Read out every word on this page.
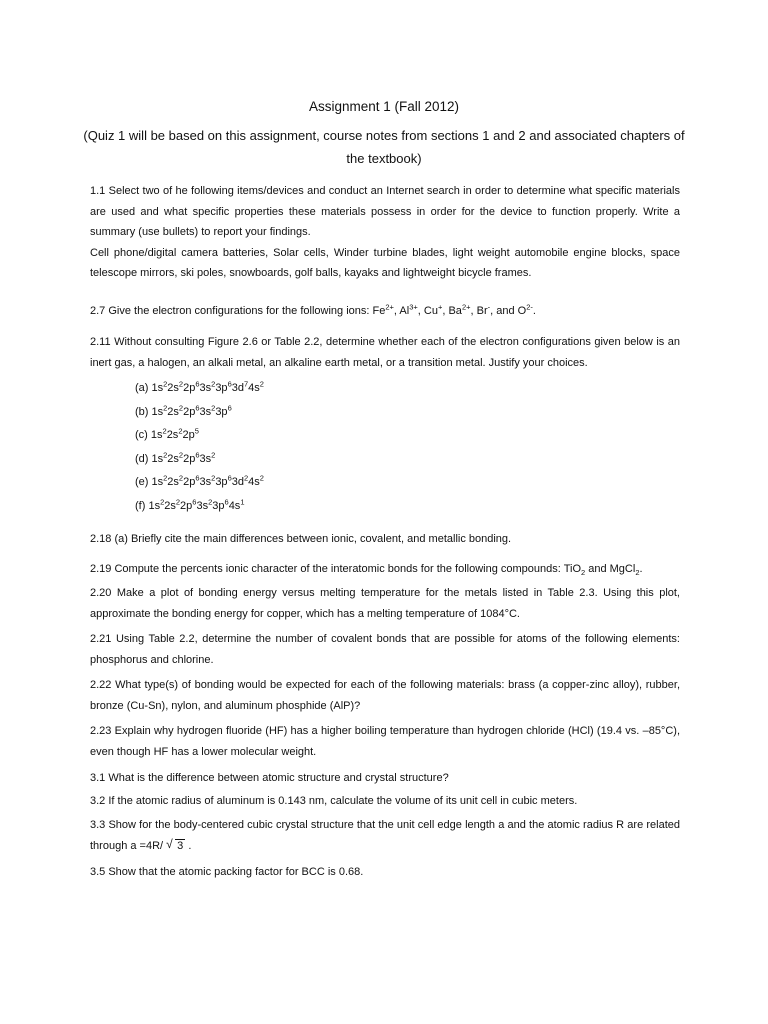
Assignment 1 (Fall 2012)
(Quiz 1 will be based on this assignment, course notes from sections 1 and 2 and associated chapters of the textbook)

1.1 Select two of he following items/devices and conduct an Internet search in order to determine what specific materials are used and what specific properties these materials possess in order for the device to function properly. Write a summary (use bullets) to report your findings.

Cell phone/digital camera batteries, Solar cells, Winder turbine blades, light weight automobile engine blocks, space telescope mirrors, ski poles, snowboards, golf balls, kayaks and lightweight bicycle frames.

2.7 Give the electron configurations for the following ions: $Fe^{2+}$, $Al^{3+}$, Cu+, $Ba^{2+}$, Br-, and $O^{2-}$.

2.11 Without consulting Figure 2.6 or Table 2.2, determine whether each of the electron configurations given below is an inert gas, a halogen, an alkali metal, an alkaline earth metal, or a transition metal. Justify your choices.

(a) $1s^22s^22p^63s^23p^63d^74s^2$
(b) $1s^22s^22p^63s^23p^6$
(c) $1s^22s^22p^5$
(d) $1s^22s^22p^63s^2$
(e) $1s^22s^22p^63s^23p^63d^24s^2$
(f) $1s^22s^22p^63s^23p^64s^1$

2.18 (a) Briefly cite the main differences between ionic, covalent, and metallic bonding.

2.19 Compute the percents ionic character of the interatomic bonds for the following compounds: TiO$_2$ and MgCl$_2$.

2.20 Make a plot of bonding energy versus melting temperature for the metals listed in Table 2.3. Using this plot, approximate the bonding energy for copper, which has a melting temperature of 1084°C.

2.21 Using Table 2.2, determine the number of covalent bonds that are possible for atoms of the following elements: phosphorus and chlorine.

2.22 What type(s) of bonding would be expected for each of the following materials: brass (a copper-zinc alloy), rubber, bronze (Cu-Sn), nylon, and aluminum phosphide (AlP)?

2.23 Explain why hydrogen fluoride (HF) has a higher boiling temperature than hydrogen chloride (HCl) (19.4 vs. –85°C), even though HF has a lower molecular weight.

3.1 What is the difference between atomic structure and crystal structure?

3.2 If the atomic radius of aluminum is 0.143 nm, calculate the volume of its unit cell in cubic meters.

3.3 Show for the body-centered cubic crystal structure that the unit cell edge length a and the atomic radius R are related through a =4R/ √ 3 .

3.5 Show that the atomic packing factor for BCC is 0.68.
